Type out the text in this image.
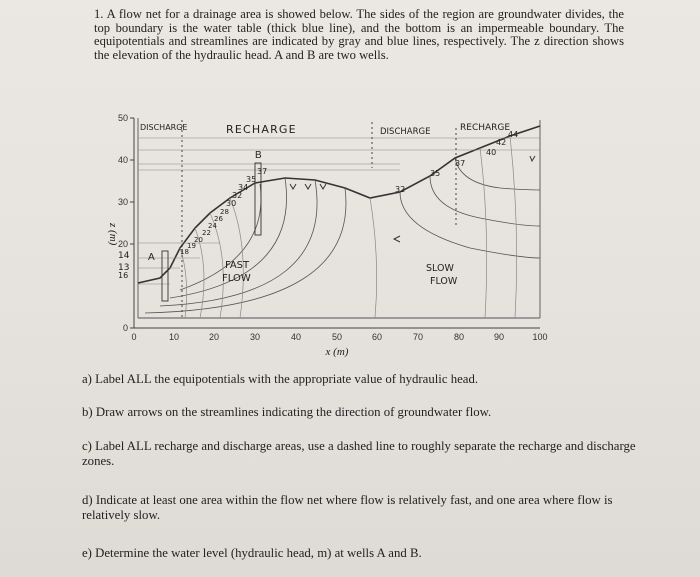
1. A flow net for a drainage area is showed below. The sides of the region are groundwater divides, the top boundary is the water table (thick blue line), and the bottom is an impermeable boundary. The equipotentials and streamlines are indicated by gray and blue lines, respectively. The z direction shows the elevation of the hydraulic head. A and B are two wells.

50
40
30
20
0
0	10	20	30	40	50	60	70	80	90	100
x (m)
z (m)
A
B
DISCHARGE	RECHARGE	DISCHARGE	RECHARGE
FAST
FLOW
SLOW
FLOW
14
13
16
37
35
34
32
30
28
26
24
22
20
19
18
32
35
37
40
42
44
a) Label ALL the equipotentials with the appropriate value of hydraulic head.
b) Draw arrows on the streamlines indicating the direction of groundwater flow.
c) Label ALL recharge and discharge areas, use a dashed line to roughly separate the recharge and discharge zones.
d) Indicate at least one area within the flow net where flow is relatively fast, and one area where flow is relatively slow.
e) Determine the water level (hydraulic head, m) at wells A and B.
